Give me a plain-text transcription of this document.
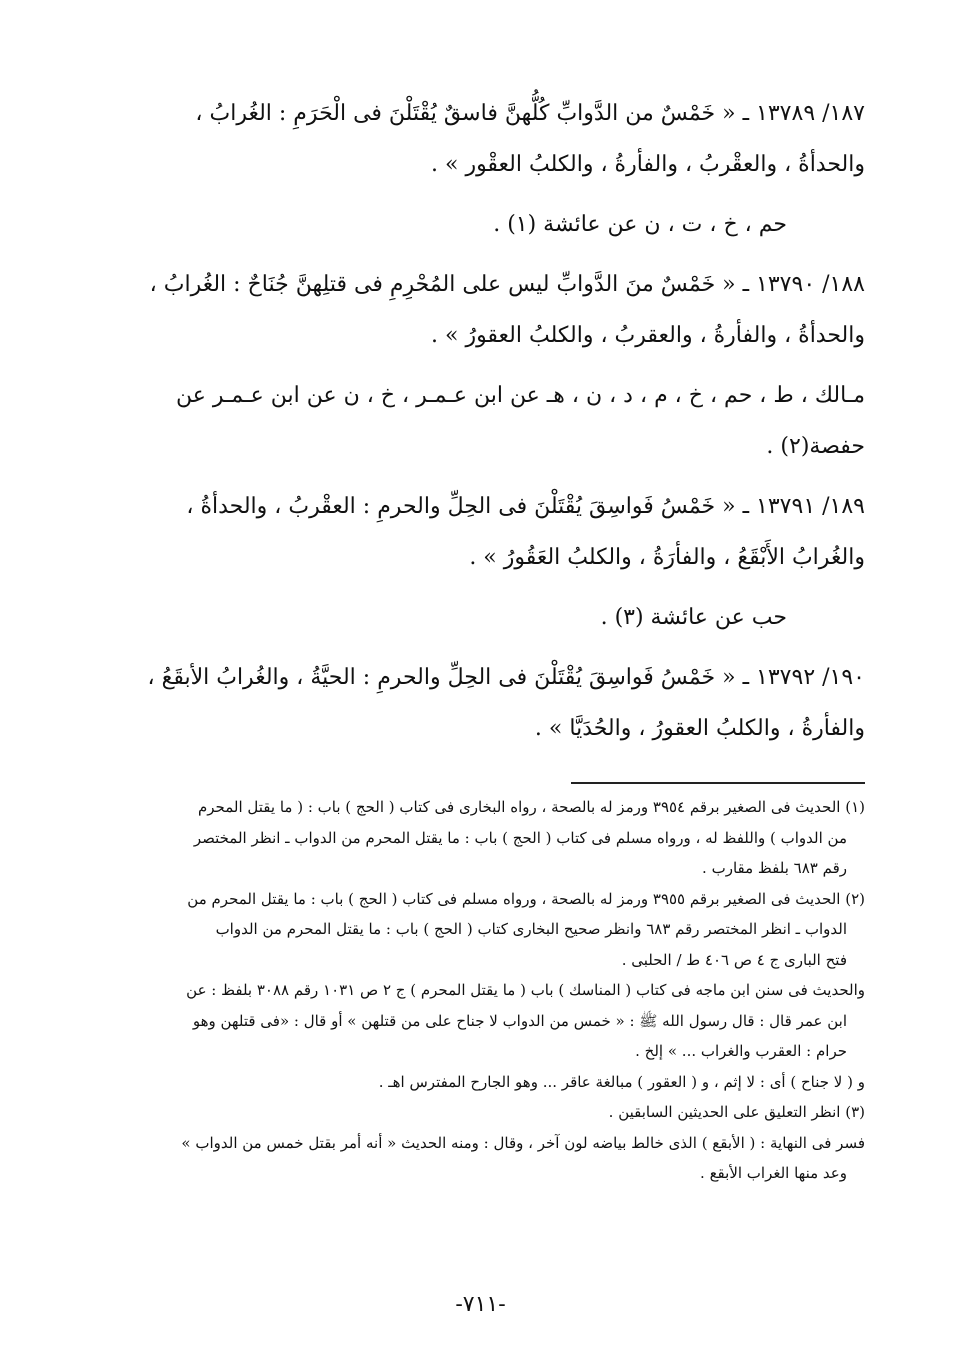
١٨٧/ ١٣٧٨٩ ـ « خَمْسٌ من الدَّوابِّ كُلُّهنَّ فاسقٌ يُقْتَلْنَ فى الْحَرَمِ : الغُرابُ ،

والحدأةُ ، والعقْربُ ، والفأرةُ ، والكلبُ العقْور » .

حم ، خ ، ت ، ن عن عائشة (١) .

١٨٨/ ١٣٧٩٠ ـ « خَمْسٌ منَ الدَّوابِّ ليس على المُحْرِمِ فى قتلِهنَّ جُنَاحٌ : الغُرابُ ،

والحدأةُ ، والفأرةُ ، والعقربُ ، والكلبُ العقورُ » .

مـالك ، ط ، حم ، خ ، م ، د ، ن ، هـ عن ابن عـمـر ، خ ، ن عن ابن عـمـر عن

حفصة(٢) .

١٨٩/ ١٣٧٩١ ـ « خَمْسُ فَواسِقَ يُقْتَلْنَ فى الحِلِّ والحرمِ : العقْربُ ، والحدأةُ ،

والغُرابُ الأَبْقَعُ ، والفأرَةُ ، والكلبُ العَقُورُ » .

حب عن عائشة (٣) .

١٩٠/ ١٣٧٩٢ ـ « خَمْسُ فَواسِقَ يُقْتَلْنَ فى الحِلِّ والحرمِ : الحيَّةُ ، والغُرابُ الأبقَعُ ،

والفأرةُ ، والكلبُ العقورُ ، والحُدَيَّا » .

(١) الحديث فى الصغير برقم ٣٩٥٤ ورمز له بالصحة ، رواه البخارى فى كتاب ( الحج ) باب : ( ما يقتل المحرم

من الدواب ) واللفظ له ، ورواه مسلم فى كتاب ( الحج ) باب : ما يقتل المحرم من الدواب ـ انظر المختصر

رقم ٦٨٣ بلفظ مقارب .

(٢) الحديث فى الصغير برقم ٣٩٥٥ ورمز له بالصحة ، ورواه مسلم فى كتاب ( الحج ) باب : ما يقتل المحرم من

الدواب ـ انظر المختصر رقم ٦٨٣ وانظر صحيح البخارى كتاب ( الحج ) باب : ما يقتل المحرم من الدواب

فتح البارى ج ٤ ص ٤٠٦ ط / الحلبى .

والحديث فى سنن ابن ماجه فى كتاب ( المناسك ) باب ( ما يقتل المحرم ) ج ٢ ص ١٠٣١ رقم ٣٠٨٨ بلفظ : عن

ابن عمر قال : قال رسول الله ﷺ : « خمس من الدواب لا جناح على من قتلهن » أو قال : «فى قتلهن وهو

حرام : العقرب والغراب ... » إلخ .

و ( لا جناح ) أى : لا إثم ، و ( العقور ) مبالغة عاقر ... وهو الجارح المفترس اهـ .

(٣) انظر التعليق على الحديثين السابقين .

فسر فى النهاية : ( الأبقع ) الذى خالط بياضه لون آخر ، وقال : ومنه الحديث « أنه أمر بقتل خمس من الدواب »

وعد منها الغراب الأبقع .

-٧١١-
